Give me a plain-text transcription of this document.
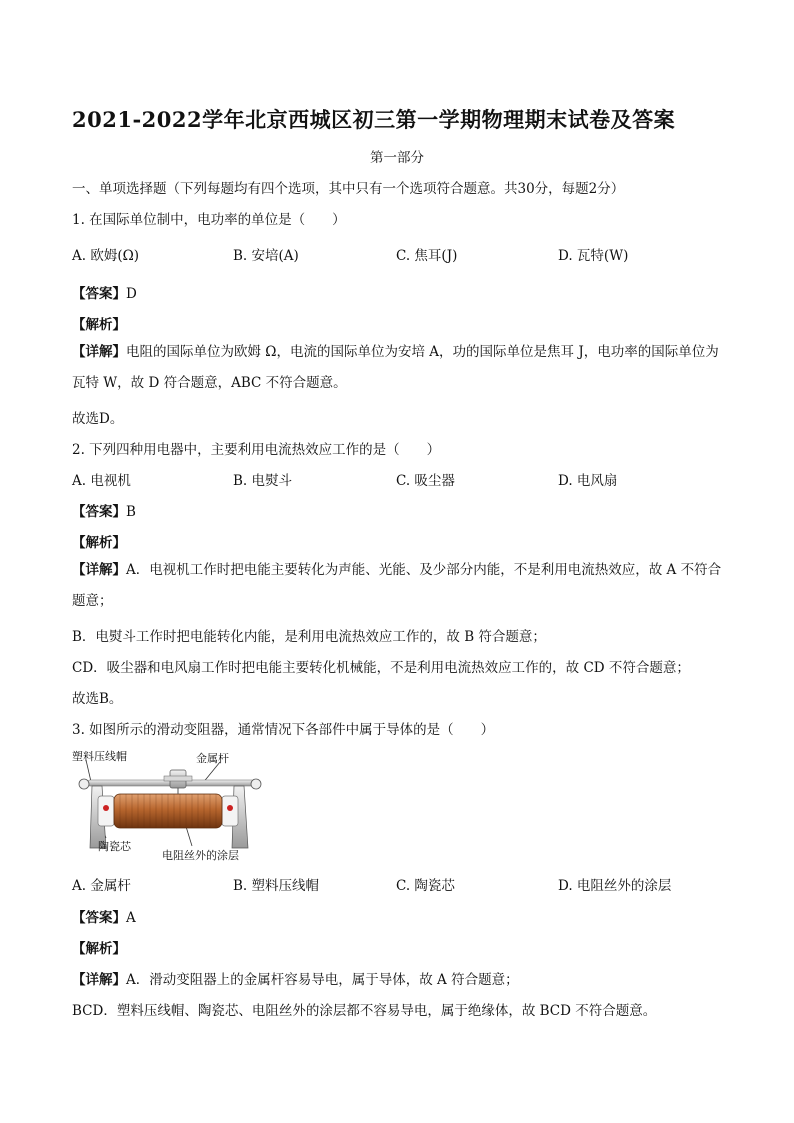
2021-2022学年北京西城区初三第一学期物理期末试卷及答案
第一部分
一、单项选择题（下列每题均有四个选项，其中只有一个选项符合题意。共30分，每题2分）
1. 在国际单位制中，电功率的单位是（　　）
A. 欧姆(Ω)	B. 安培(A)	C. 焦耳(J)	D. 瓦特(W)
【答案】D
【解析】
【详解】电阻的国际单位为欧姆 Ω，电流的国际单位为安培 A，功的国际单位是焦耳 J，电功率的国际单位为瓦特 W，故 D 符合题意，ABC 不符合题意。
故选D。
2. 下列四种用电器中，主要利用电流热效应工作的是（　　）
A. 电视机	B. 电熨斗	C. 吸尘器	D. 电风扇
【答案】B
【解析】
【详解】A．电视机工作时把电能主要转化为声能、光能、及少部分内能，不是利用电流热效应，故 A 不符合题意；
B．电熨斗工作时把电能转化内能，是利用电流热效应工作的，故 B 符合题意；
CD．吸尘器和电风扇工作时把电能主要转化机械能，不是利用电流热效应工作的，故 CD 不符合题意；
故选B。
3. 如图所示的滑动变阻器，通常情况下各部件中属于导体的是（　　）
塑料压线帽	金属杆
陶瓷芯
电阻丝外的涂层
A. 金属杆	B. 塑料压线帽	C. 陶瓷芯	D. 电阻丝外的涂层
【答案】A
【解析】
【详解】A．滑动变阻器上的金属杆容易导电，属于导体，故 A 符合题意；
BCD．塑料压线帽、陶瓷芯、电阻丝外的涂层都不容易导电，属于绝缘体，故 BCD 不符合题意。
